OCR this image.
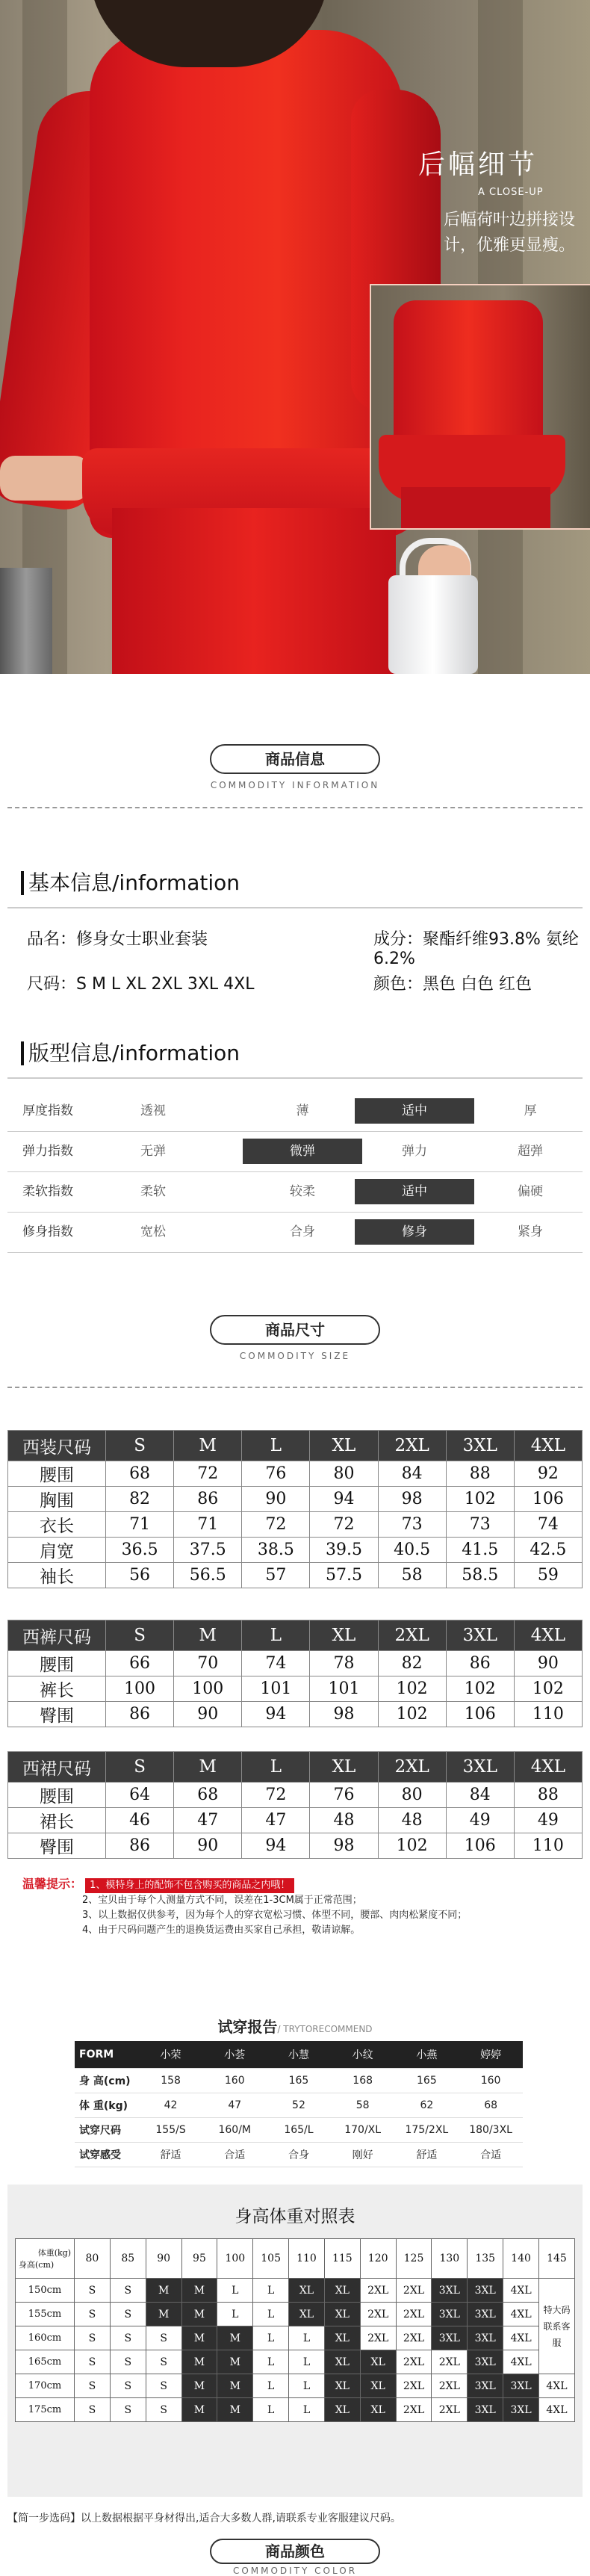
后幅细节
A CLOSE-UP
后幅荷叶边拼接设
计，优雅更显瘦。
商品信息
COMMODITY INFORMATION
基本信息/information
品名：修身女士职业套装	成分：聚酯纤维93.8% 氨纶6.2%
尺码：S M L XL 2XL 3XL 4XL	颜色：黑色 白色 红色
版型信息/information
厚度指数	透视	薄	适中	厚
弹力指数	无弹	微弹	弹力	超弹
柔软指数	柔软	较柔	适中	偏硬
修身指数	宽松	合身	修身	紧身
商品尺寸
COMMODITY SIZE
西装尺码	S	M	L	XL	2XL	3XL	4XL
腰围	68	72	76	80	84	88	92
胸围	82	86	90	94	98	102	106
衣长	71	71	72	72	73	73	74
肩宽	36.5	37.5	38.5	39.5	40.5	41.5	42.5
袖长	56	56.5	57	57.5	58	58.5	59
西裤尺码	S	M	L	XL	2XL	3XL	4XL
腰围	66	70	74	78	82	86	90
裤长	100	100	101	101	102	102	102
臀围	86	90	94	98	102	106	110
西裙尺码	S	M	L	XL	2XL	3XL	4XL
腰围	64	68	72	76	80	84	88
裙长	46	47	47	48	48	49	49
臀围	86	90	94	98	102	106	110
温馨提示： 1、模特身上的配饰不包含购买的商品之内哦！
2、宝贝由于每个人测量方式不同，误差在1-3CM属于正常范围；
3、以上数据仅供参考，因为每个人的穿衣宽松习惯、体型不同，腰部、肉肉松紧度不同；
4、由于尺码问题产生的退换货运费由买家自己承担，敬请谅解。
试穿报告/ TRYTORECOMMEND
FORM	小荣	小荟	小慧	小纹	小燕	婷婷
身 高(cm)	158	160	165	168	165	160
体 重(kg)	42	47	52	58	62	68
试穿尺码	155/S	160/M	165/L	170/XL	175/2XL	180/3XL
试穿感受	舒适	合适	合身	刚好	舒适	合适
身高体重对照表
体重(kg)
身高(cm)	80	85	90	95	100	105	110	115	120	125	130	135	140	145
150cm	S	S	M	M	L	L	XL	XL	2XL	2XL	3XL	3XL	4XL	特大码联系客服
155cm	S	S	M	M	L	L	XL	XL	2XL	2XL	3XL	3XL	4XL	
160cm	S	S	S	M	M	L	L	XL	2XL	2XL	3XL	3XL	4XL	
165cm	S	S	S	M	M	L	L	XL	XL	2XL	2XL	3XL	4XL	
170cm	S	S	S	M	M	L	L	XL	XL	2XL	2XL	3XL	3XL	4XL
175cm	S	S	S	M	M	L	L	XL	XL	2XL	2XL	3XL	3XL	4XL
【简一步选码】以上数据根据平身材得出,适合大多数人群,请联系专业客服建议尺码。
商品颜色
COMMODITY COLOR
